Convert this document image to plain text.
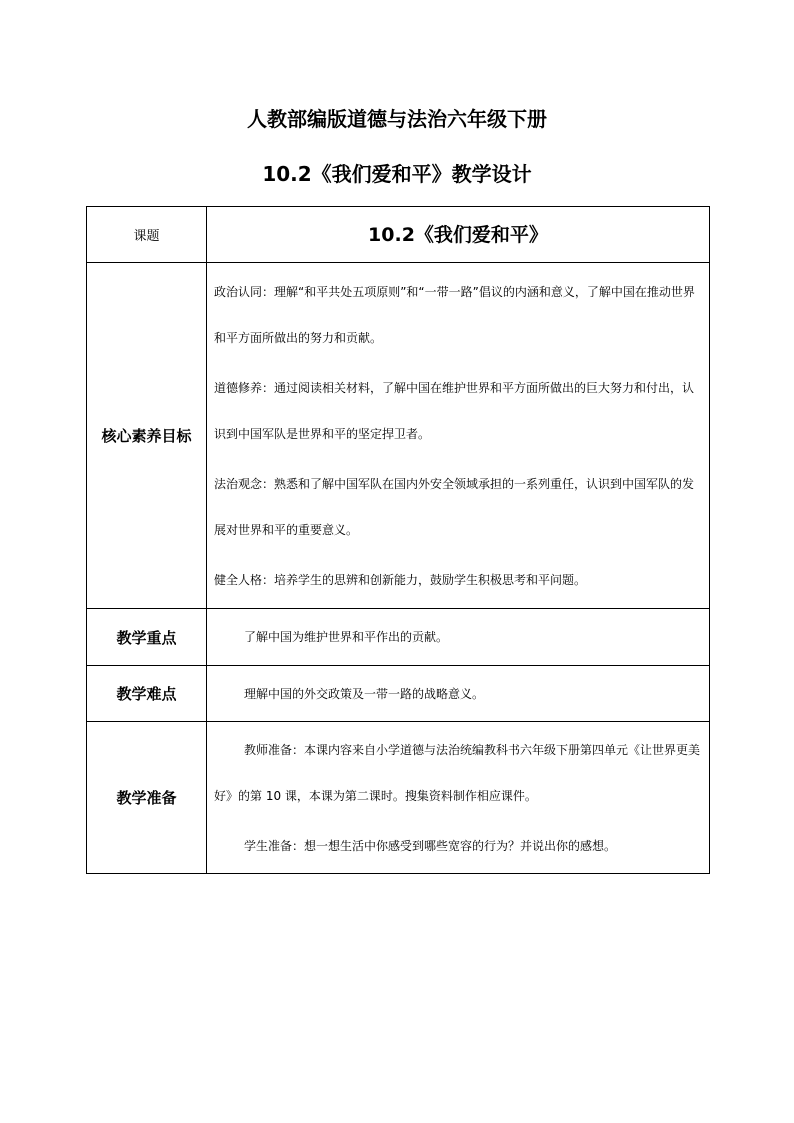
人教部编版道德与法治六年级下册
10.2《我们爱和平》教学设计
课题	10.2《我们爱和平》

核心素养目标	政治认同：理解“和平共处五项原则”和“一带一路”倡议的内涵和意义，了解中国在推动世界和平方面所做出的努力和贡献。

道德修养：通过阅读相关材料，了解中国在维护世界和平方面所做出的巨大努力和付出，认识到中国军队是世界和平的坚定捍卫者。

法治观念：熟悉和了解中国军队在国内外安全领域承担的一系列重任，认识到中国军队的发展对世界和平的重要意义。

健全人格：培养学生的思辨和创新能力，鼓励学生积极思考和平问题。

教学重点	了解中国为维护世界和平作出的贡献。

教学难点	理解中国的外交政策及一带一路的战略意义。

教学准备	教师准备：本课内容来自小学道德与法治统编教科书六年级下册第四单元《让世界更美好》的第 10 课，本课为第二课时。搜集资料制作相应课件。

学生准备：想一想生活中你感受到哪些宽容的行为？并说出你的感想。
